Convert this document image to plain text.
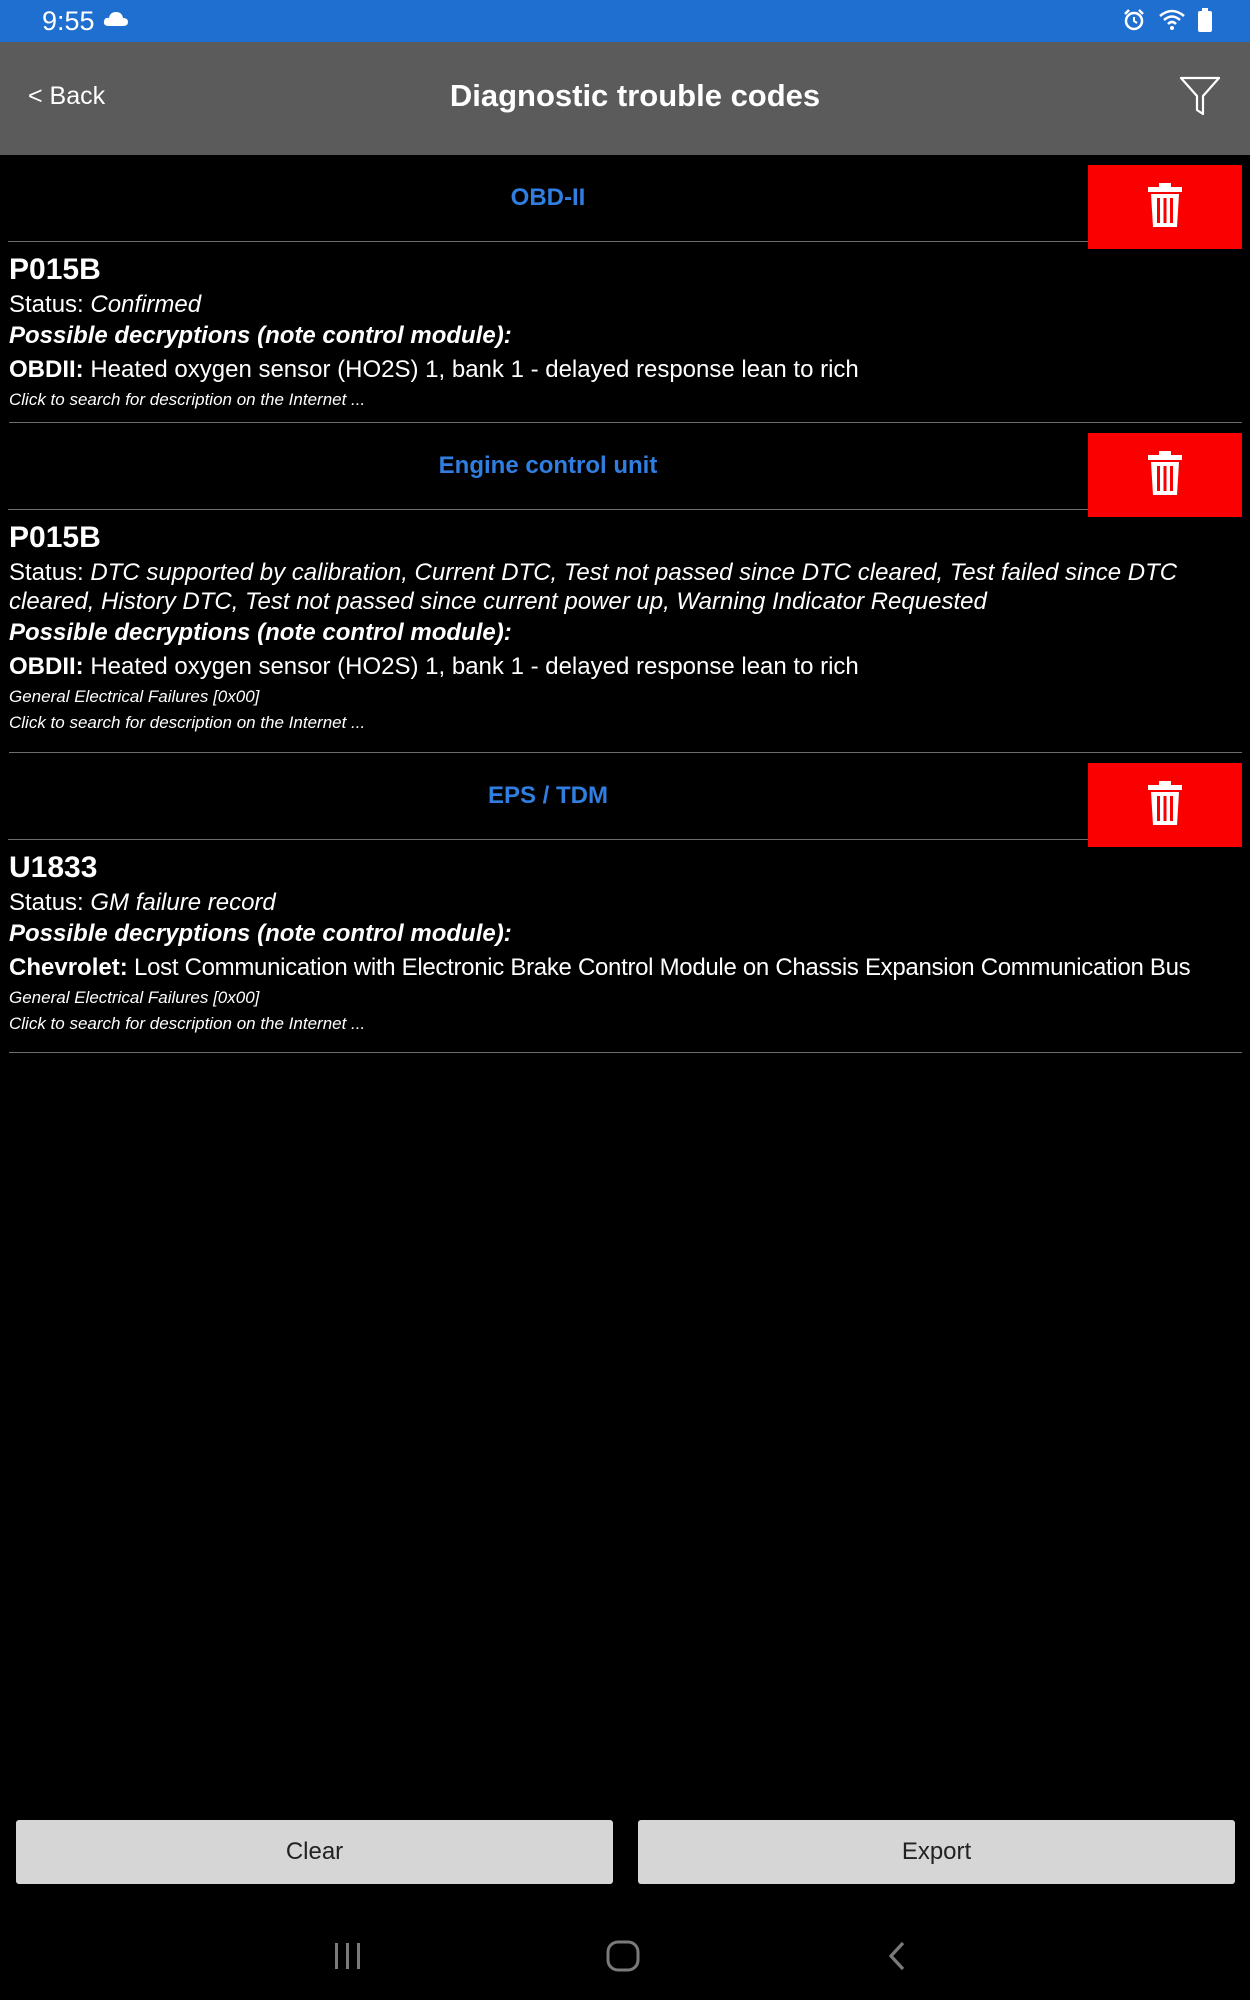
9:55
< Back	Diagnostic trouble codes
OBD-II
P015B
Status: Confirmed
Possible decryptions (note control module):
OBDII: Heated oxygen sensor (HO2S) 1, bank 1 - delayed response lean to rich
Click to search for description on the Internet ...
Engine control unit
P015B
Status: DTC supported by calibration, Current DTC, Test not passed since DTC cleared, Test failed since DTC cleared, History DTC, Test not passed since current power up, Warning Indicator Requested
Possible decryptions (note control module):
OBDII: Heated oxygen sensor (HO2S) 1, bank 1 - delayed response lean to rich
General Electrical Failures [0x00]
Click to search for description on the Internet ...
EPS / TDM
U1833
Status: GM failure record
Possible decryptions (note control module):
Chevrolet: Lost Communication with Electronic Brake Control Module on Chassis Expansion Communication Bus
General Electrical Failures [0x00]
Click to search for description on the Internet ...
Clear	Export
